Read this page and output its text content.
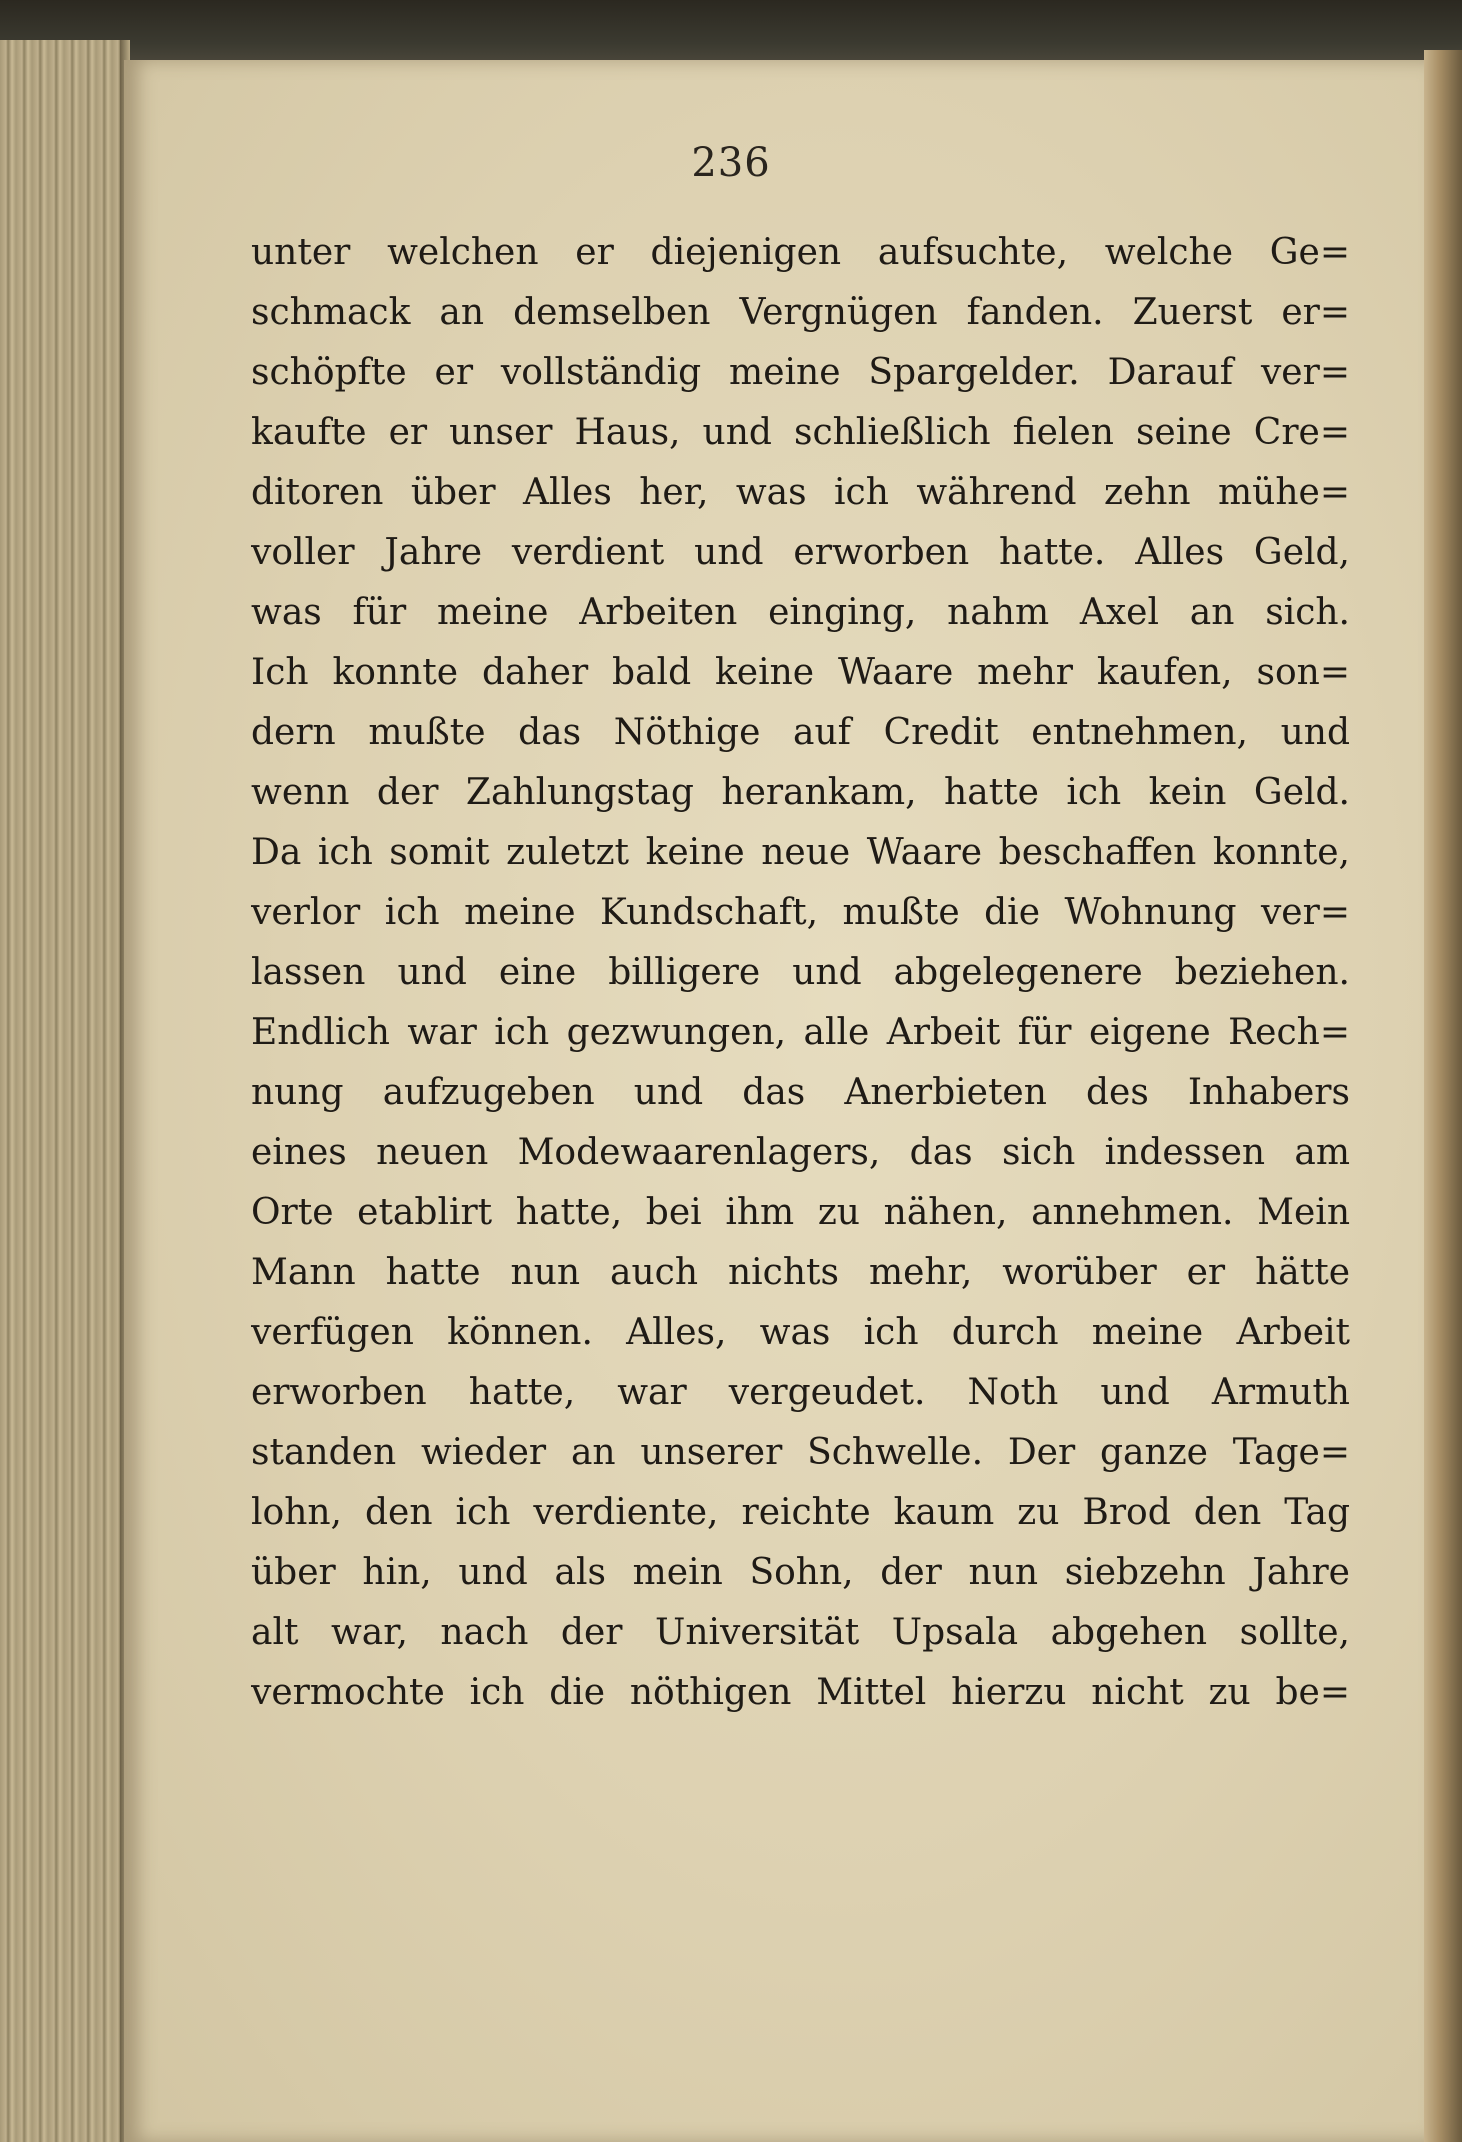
236
unter welchen er diejenigen aufsuchte, welche Ge=
schmack an demselben Vergnügen fanden. Zuerst er=
schöpfte er vollständig meine Spargelder. Darauf ver=
kaufte er unser Haus, und schließlich fielen seine Cre=
ditoren über Alles her, was ich während zehn mühe=
voller Jahre verdient und erworben hatte. Alles Geld,
was für meine Arbeiten einging, nahm Axel an sich.
Ich konnte daher bald keine Waare mehr kaufen, son=
dern mußte das Nöthige auf Credit entnehmen, und
wenn der Zahlungstag herankam, hatte ich kein Geld.
Da ich somit zuletzt keine neue Waare beschaffen konnte,
verlor ich meine Kundschaft, mußte die Wohnung ver=
lassen und eine billigere und abgelegenere beziehen.
Endlich war ich gezwungen, alle Arbeit für eigene Rech=
nung aufzugeben und das Anerbieten des Inhabers
eines neuen Modewaarenlagers, das sich indessen am
Orte etablirt hatte, bei ihm zu nähen, annehmen. Mein
Mann hatte nun auch nichts mehr, worüber er hätte
verfügen können. Alles, was ich durch meine Arbeit
erworben hatte, war vergeudet. Noth und Armuth
standen wieder an unserer Schwelle. Der ganze Tage=
lohn, den ich verdiente, reichte kaum zu Brod den Tag
über hin, und als mein Sohn, der nun siebzehn Jahre
alt war, nach der Universität Upsala abgehen sollte,
vermochte ich die nöthigen Mittel hierzu nicht zu be=
